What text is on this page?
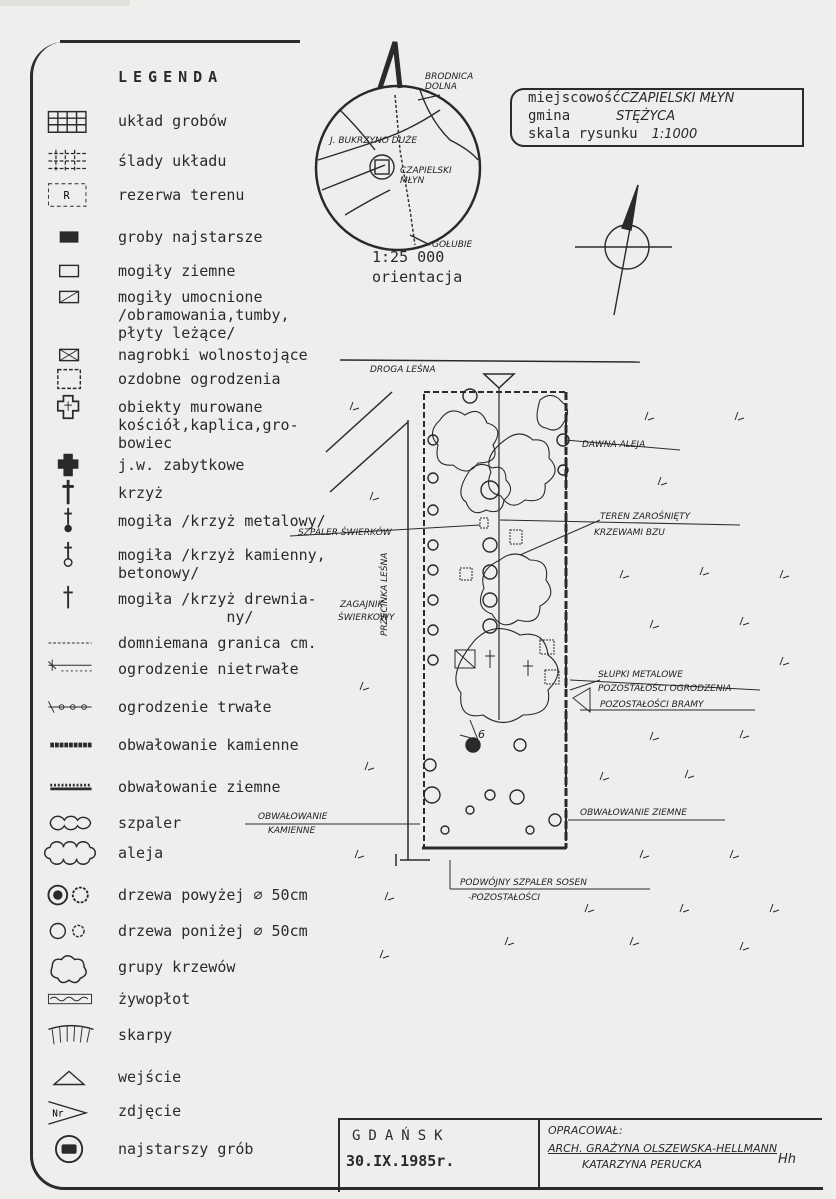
LEGENDA
układ grobów
ślady układu
R	rezerwa terenu
groby najstarsze
mogiły ziemne
mogiły umocnione
/obramowania,tumby,
płyty leżące/
nagrobki wolnostojące
ozdobne ogrodzenia
obiekty murowane
kościół,kaplica,gro-
bowiec
j.w. zabytkowe
krzyż
mogiła /krzyż metalowy/
mogiła /krzyż kamienny,
betonowy/
mogiła /krzyż drewnia-
ny/
domniemana granica cm.
ogrodzenie nietrwałe
ogrodzenie trwałe
obwałowanie kamienne
obwałowanie ziemne
szpaler
aleja
drzewa powyżej ∅ 50cm
drzewa poniżej ∅ 50cm
grupy krzewów
żywopłot
skarpy
wejście
Nr	zdjęcie
najstarszy grób
miejscowośćCZAPIELSKI MŁYN
gmina	STĘŻYCA
skala rysunku 1:1000
BRODNICA DOLNA
J. BUKRZYNO DUŻE
CZAPIELSKI MŁYN
GOŁUBIE
1:25 000
orientacja
DROGA LEŚNA
DAWNA ALEJA
TEREN ZAROŚNIĘTY
KRZEWAMI BZU
SZPALER ŚWIERKÓW
ZAGAJNIK
ŚWIERKOWY
PRZECINKA LEŚNA
SŁUPKI METALOWE
POZOSTAŁOŚCI OGRODZENIA
POZOSTAŁOŚCI BRAMY
OBWAŁOWANIE
KAMIENNE
OBWAŁOWANIE ZIEMNE
PODWÓJNY SZPALER SOSEN
-POZOSTAŁOŚCI
6
GDAŃSK
30.IX.1985r.
OPRACOWAŁ:
ARCH. GRAŻYNA OLSZEWSKA-HELLMANN
KATARZYNA PERUCKA	Hh
